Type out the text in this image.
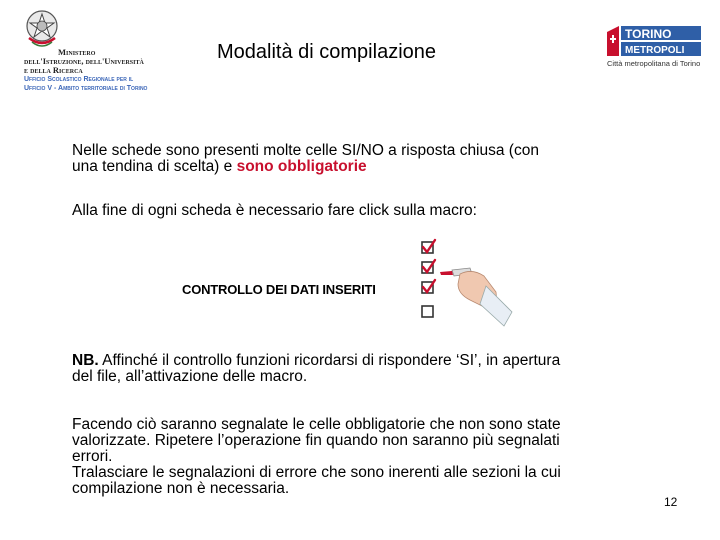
Ministero
dell'Istruzione, dell'Università
e della Ricerca
Ufficio Scolastico Regionale per il
Ufficio V - Ambito territoriale di Torino
Modalità di compilazione
TORINO
METROPOLI
Città metropolitana di Torino
Nelle schede sono presenti molte celle SI/NO a risposta chiusa (con
una tendina di scelta) e sono obbligatorie
Alla fine di ogni scheda è necessario fare click sulla macro:
CONTROLLO DEI DATI INSERITI
NB. Affinché il controllo funzioni ricordarsi di rispondere ‘SI’, in apertura
del file, all’attivazione delle macro.
Facendo ciò saranno segnalate le celle obbligatorie che non sono state
valorizzate. Ripetere l’operazione fin quando non saranno più segnalati
errori.
Tralasciare le segnalazioni di errore che sono inerenti alle sezioni la cui
compilazione non è necessaria.
12
